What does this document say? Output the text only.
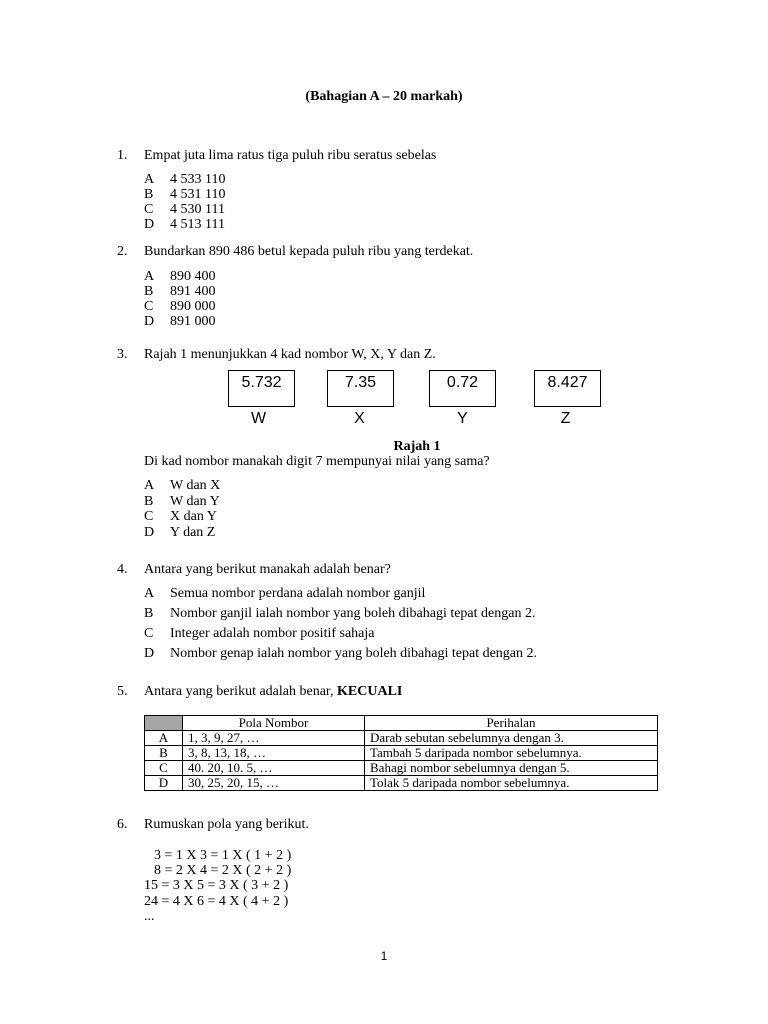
(Bahagian A – 20 markah)
1. Empat juta lima ratus tiga puluh ribu seratus sebelas
A 4 533 110
B 4 531 110
C 4 530 111
D 4 513 111
2. Bundarkan 890 486 betul kepada puluh ribu yang terdekat.
A 890 400
B 891 400
C 890 000
D 891 000
3. Rajah 1 menunjukkan 4 kad nombor W, X, Y dan Z.
5.732	7.35	0.72	8.427
W	X	Y	Z
Rajah 1
Di kad nombor manakah digit 7 mempunyai nilai yang sama?
A W dan X
B W dan Y
C X dan Y
D Y dan Z
4. Antara yang berikut manakah adalah benar?
A Semua nombor perdana adalah nombor ganjil
B Nombor ganjil ialah nombor yang boleh dibahagi tepat dengan 2.
C Integer adalah nombor positif sahaja
D Nombor genap ialah nombor yang boleh dibahagi tepat dengan 2.
5. Antara yang berikut adalah benar, KECUALI
	Pola Nombor	Perihalan
A	1, 3, 9, 27, …	Darab sebutan sebelumnya dengan 3.
B	3, 8, 13, 18, …	Tambah 5 daripada nombor sebelumnya.
C	40. 20, 10. 5, …	Bahagi nombor sebelumnya dengan 5.
D	30, 25, 20, 15, …	Tolak 5 daripada nombor sebelumnya.
6. Rumuskan pola yang berikut.
3 = 1 X 3 = 1 X ( 1 + 2 )
8 = 2 X 4 = 2 X ( 2 + 2 )
15 = 3 X 5 = 3 X ( 3 + 2 )
24 = 4 X 6 = 4 X ( 4 + 2 )
...
1
